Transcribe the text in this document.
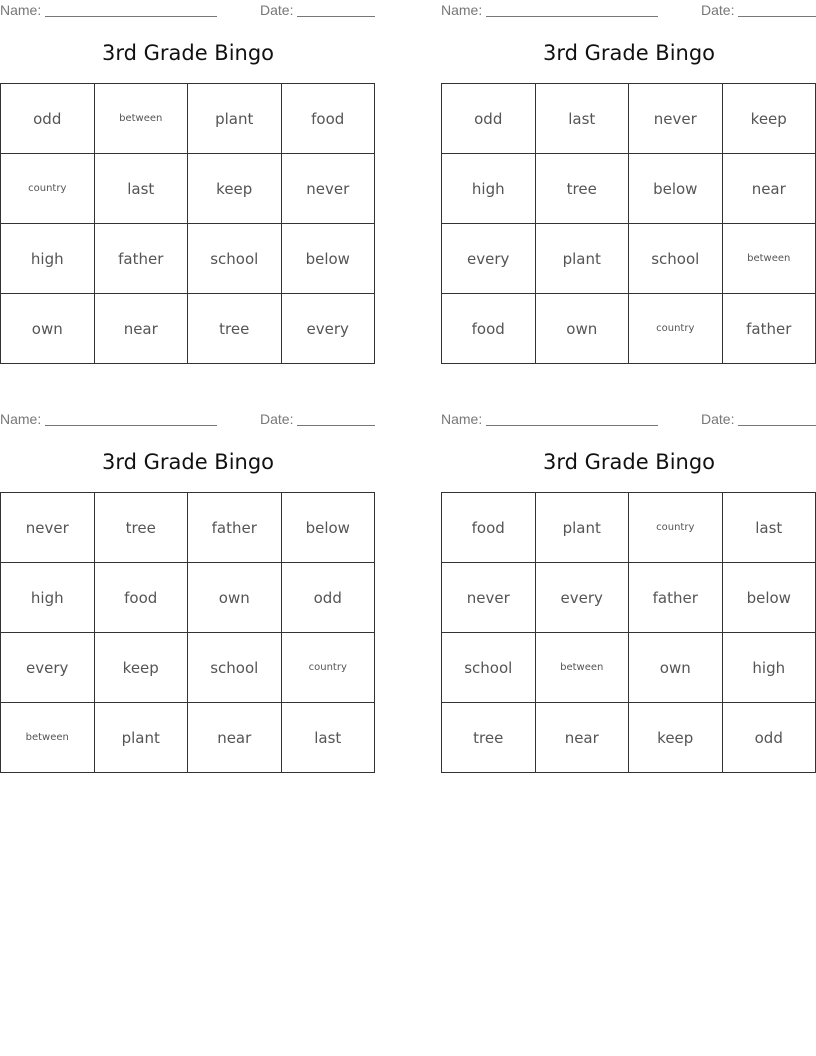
Name:	Date:
3rd Grade Bingo
odd	between	plant	food
country	last	keep	never
high	father	school	below
own	near	tree	every
Name:	Date:
3rd Grade Bingo
odd	last	never	keep
high	tree	below	near
every	plant	school	between
food	own	country	father
Name:	Date:
3rd Grade Bingo
never	tree	father	below
high	food	own	odd
every	keep	school	country
between	plant	near	last
Name:	Date:
3rd Grade Bingo
food	plant	country	last
never	every	father	below
school	between	own	high
tree	near	keep	odd
